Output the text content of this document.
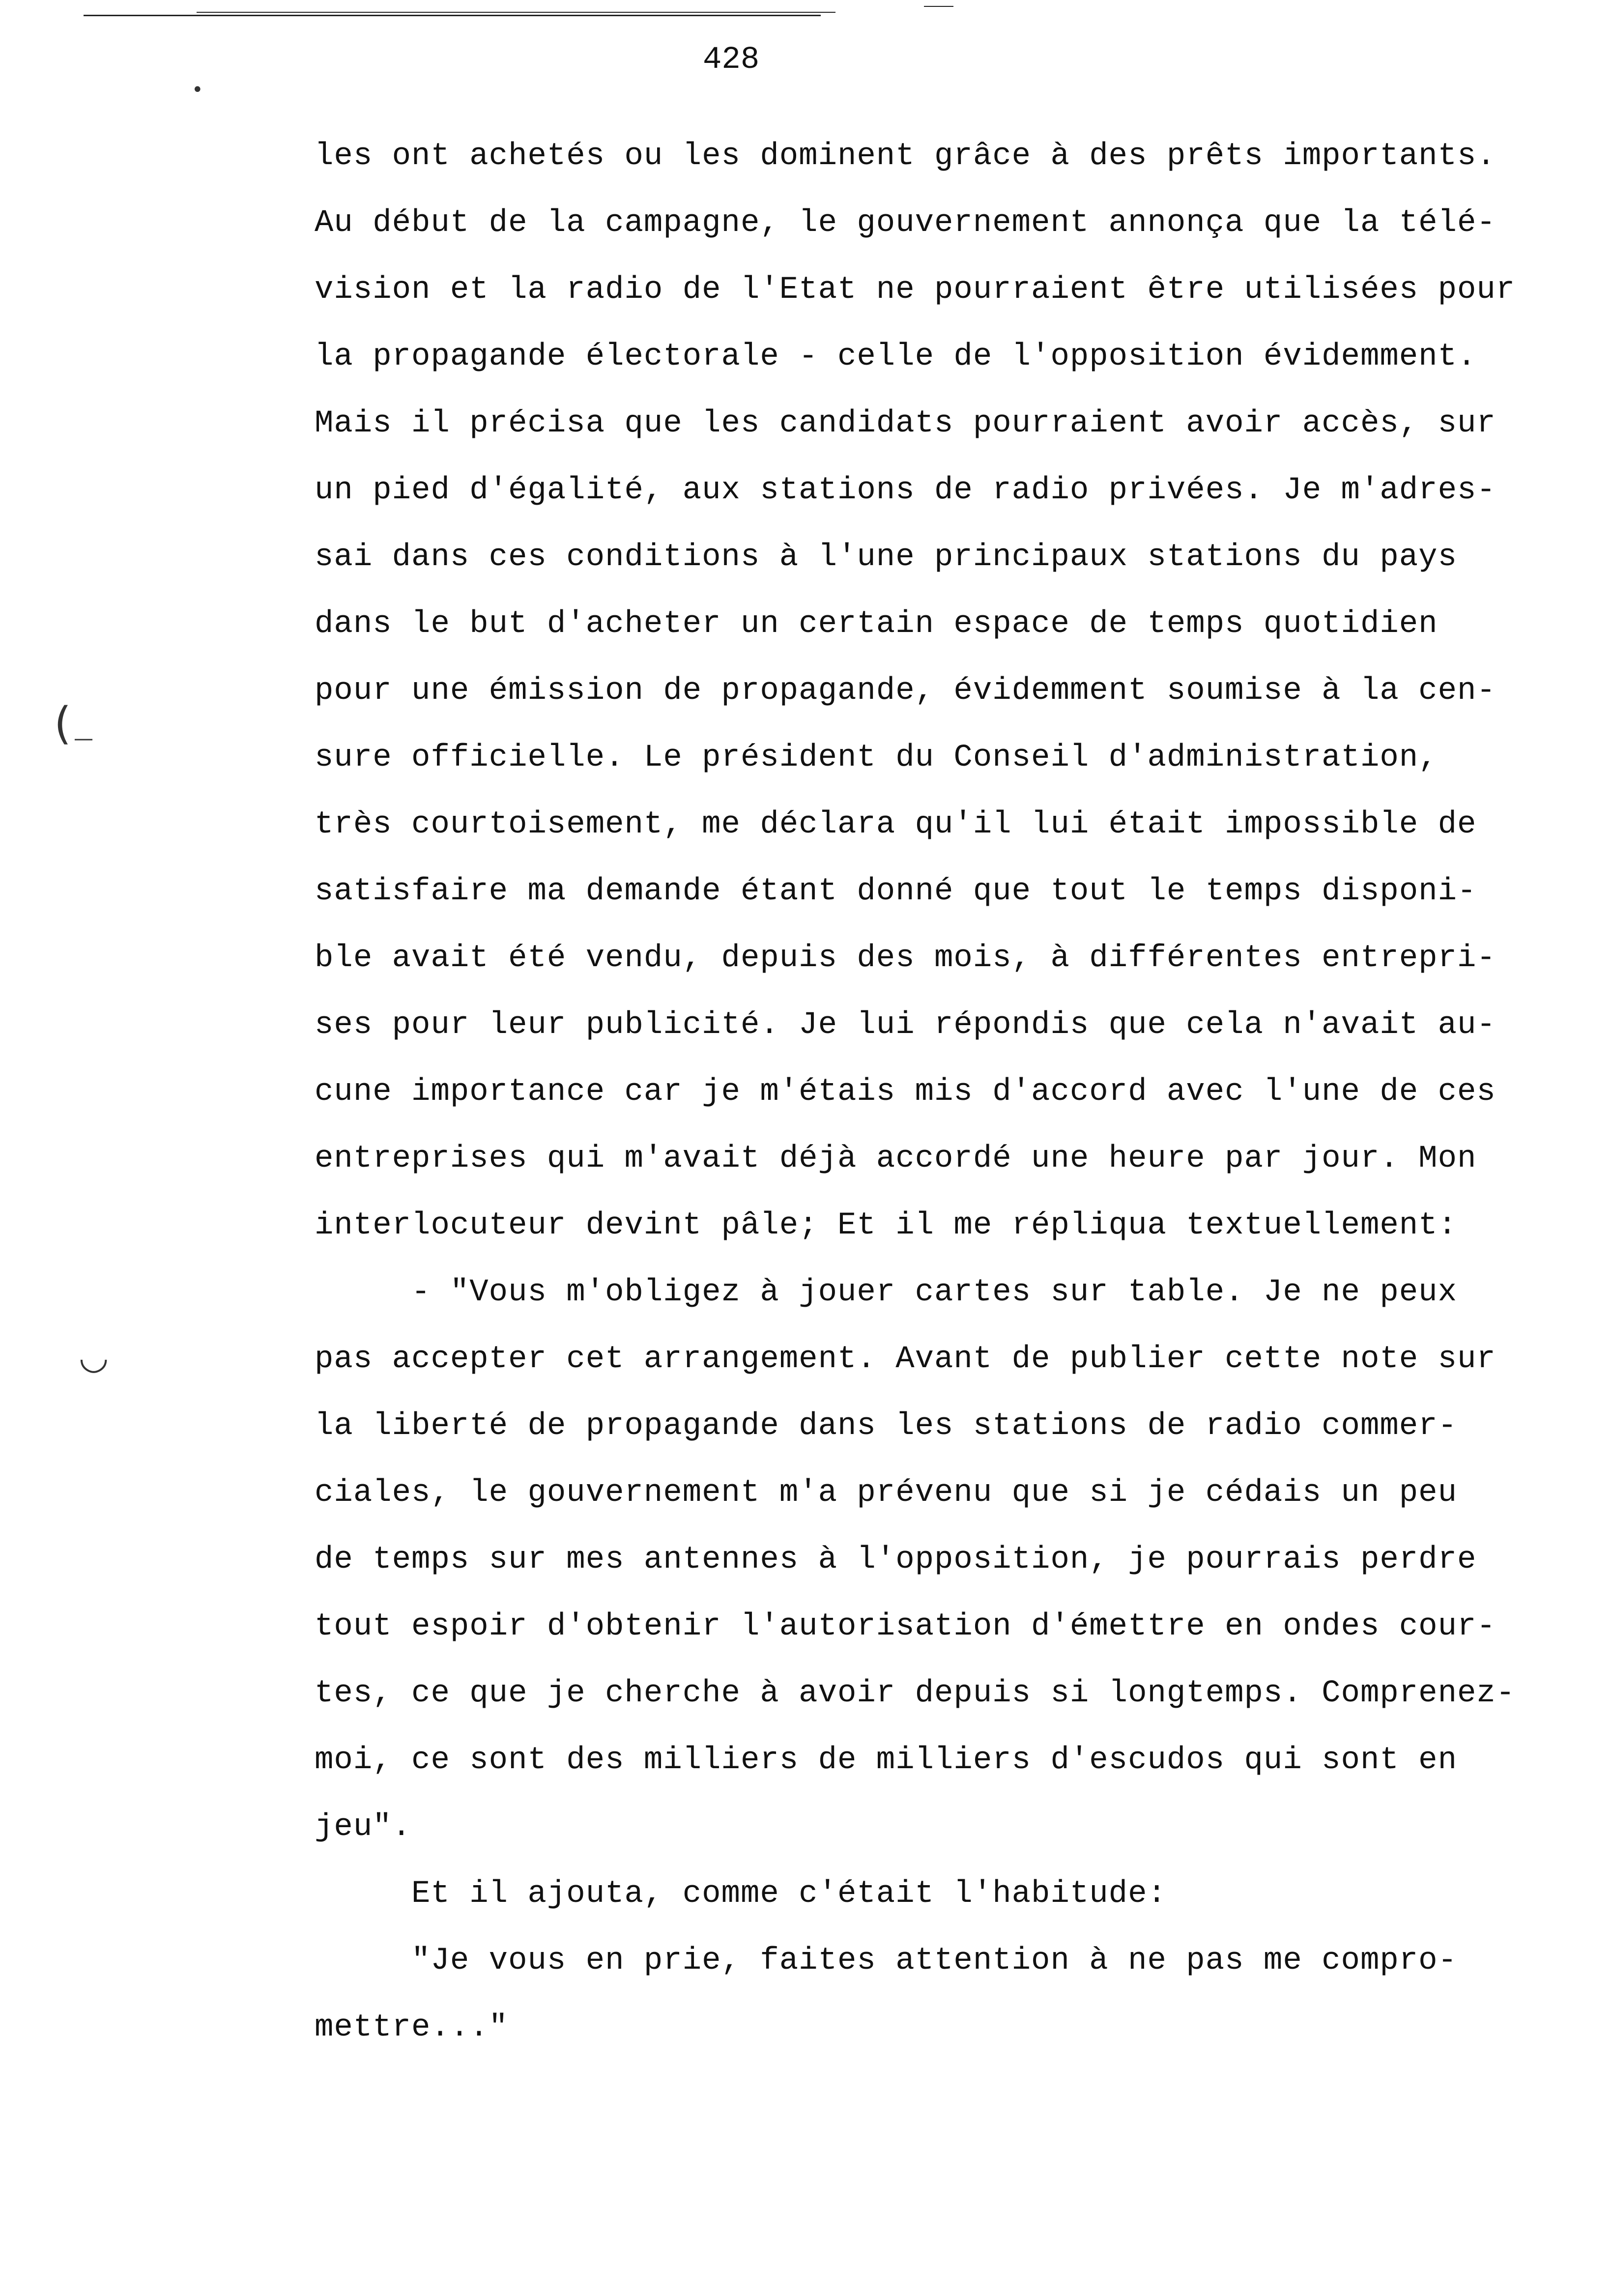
•
( —
◡
428
les ont achetés ou les dominent grâce à des prêts importants.
Au début de la campagne, le gouvernement annonça que la télé-
vision et la radio de l'Etat ne pourraient être utilisées pour
la propagande électorale - celle de l'opposition évidemment.
Mais il précisa que les candidats pourraient avoir accès, sur
un pied d'égalité, aux stations de radio privées. Je m'adres-
sai dans ces conditions à l'une principaux stations du pays
dans le but d'acheter un certain espace de temps quotidien
pour une émission de propagande, évidemment soumise à la cen-
sure officielle. Le président du Conseil d'administration,
très courtoisement, me déclara qu'il lui était impossible de
satisfaire ma demande étant donné que tout le temps disponi-
ble avait été vendu, depuis des mois, à différentes entrepri-
ses pour leur publicité. Je lui répondis que cela n'avait au-
cune importance car je m'étais mis d'accord avec l'une de ces
entreprises qui m'avait déjà accordé une heure par jour. Mon
interlocuteur devint pâle; Et il me répliqua textuellement:
- "Vous m'obligez à jouer cartes sur table. Je ne peux
pas accepter cet arrangement. Avant de publier cette note sur
la liberté de propagande dans les stations de radio commer-
ciales, le gouvernement m'a prévenu que si je cédais un peu
de temps sur mes antennes à l'opposition, je pourrais perdre
tout espoir d'obtenir l'autorisation d'émettre en ondes cour-
tes, ce que je cherche à avoir depuis si longtemps. Comprenez-
moi, ce sont des milliers de milliers d'escudos qui sont en
jeu".
Et il ajouta, comme c'était l'habitude:
"Je vous en prie, faites attention à ne pas me compro-
mettre..."
